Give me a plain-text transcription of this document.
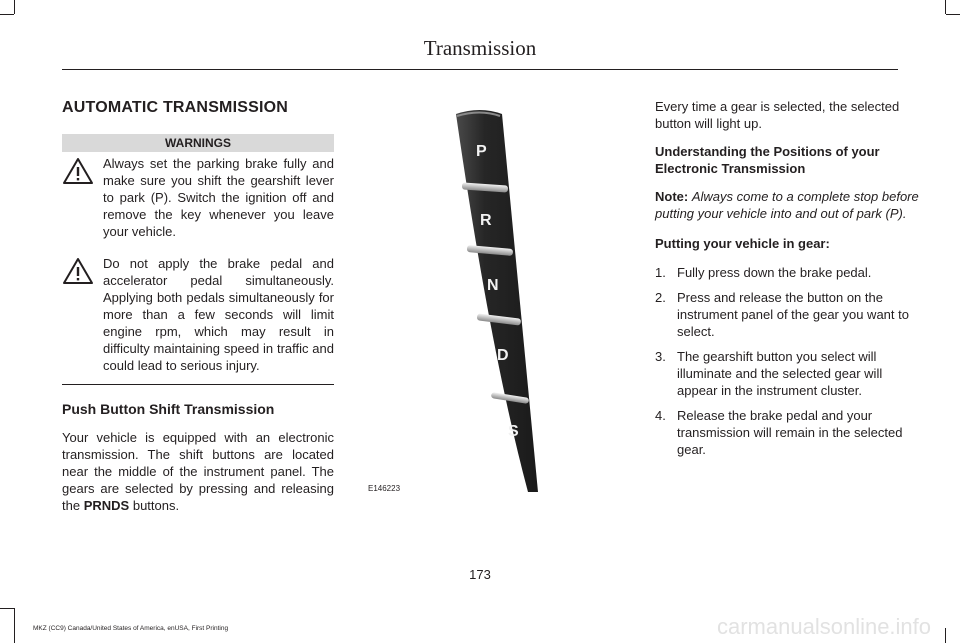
Transmission
AUTOMATIC TRANSMISSION
WARNINGS
Always set the parking brake fully and make sure you shift the gearshift lever to park (P). Switch the ignition off and remove the key whenever you leave your vehicle.
Do not apply the brake pedal and accelerator pedal simultaneously. Applying both pedals simultaneously for more than a few seconds will limit engine rpm, which may result in difficulty maintaining speed in traffic and could lead to serious injury.
Push Button Shift Transmission
Your vehicle is equipped with an electronic transmission. The shift buttons are located near the middle of the instrument panel. The gears are selected by pressing and releasing the PRNDS buttons.
P
R
N
D
S
E146223
Every time a gear is selected, the selected button will light up.
Understanding the Positions of your Electronic Transmission
Note: Always come to a complete stop before putting your vehicle into and out of park (P).
Putting your vehicle in gear:
1. Fully press down the brake pedal.
2. Press and release the button on the instrument panel of the gear you want to select.
3. The gearshift button you select will illuminate and the selected gear will appear in the instrument cluster.
4. Release the brake pedal and your transmission will remain in the selected gear.
173
MKZ (CC9) Canada/United States of America, enUSA, First Printing	carmanualsonline.info
